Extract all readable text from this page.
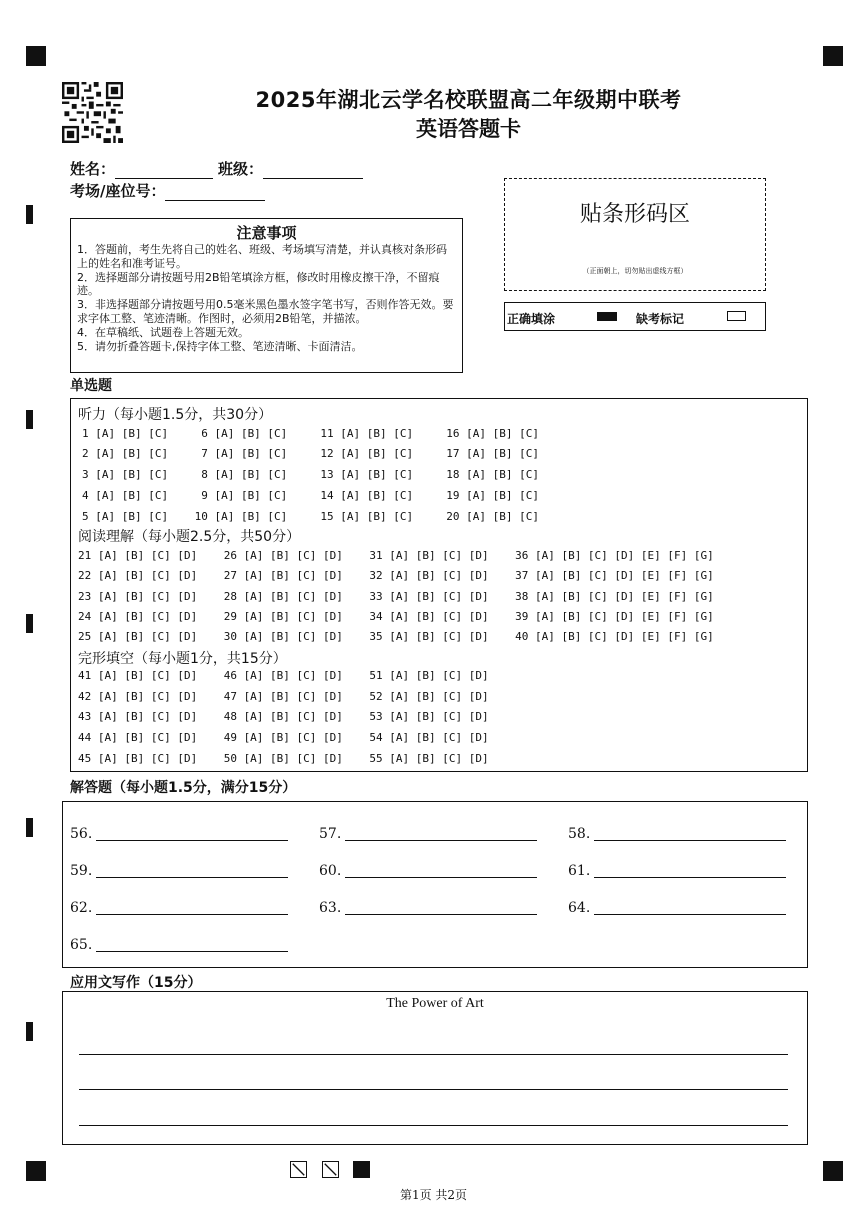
2025年湖北云学名校联盟高二年级期中联考
英语答题卡
姓名：	班级：
考场/座位号：
注意事项
1．答题前，考生先将自己的姓名、班级、考场填写清楚，并认真核对条形码上的姓名和准考证号。
2．选择题部分请按题号用2B铅笔填涂方框，修改时用橡皮擦干净，不留痕迹。
3．非选择题部分请按题号用0.5毫米黑色墨水签字笔书写，否则作答无效。要求字体工整、笔迹清晰。作图时，必须用2B铅笔，并描浓。
4．在草稿纸、试题卷上答题无效。
5．请勿折叠答题卡,保持字体工整、笔迹清晰、卡面清洁。
贴条形码区
（正面朝上，切勿贴出虚线方框）
正确填涂	缺考标记
单选题
听力（每小题1.5分，共30分）
1 [A] [B] [C]     6 [A] [B] [C]     11 [A] [B] [C]     16 [A] [B] [C]
2 [A] [B] [C]     7 [A] [B] [C]     12 [A] [B] [C]     17 [A] [B] [C]
3 [A] [B] [C]     8 [A] [B] [C]     13 [A] [B] [C]     18 [A] [B] [C]
4 [A] [B] [C]     9 [A] [B] [C]     14 [A] [B] [C]     19 [A] [B] [C]
5 [A] [B] [C]    10 [A] [B] [C]     15 [A] [B] [C]     20 [A] [B] [C]
阅读理解（每小题2.5分，共50分）
21 [A] [B] [C] [D]    26 [A] [B] [C] [D]    31 [A] [B] [C] [D]    36 [A] [B] [C] [D] [E] [F] [G]
22 [A] [B] [C] [D]    27 [A] [B] [C] [D]    32 [A] [B] [C] [D]    37 [A] [B] [C] [D] [E] [F] [G]
23 [A] [B] [C] [D]    28 [A] [B] [C] [D]    33 [A] [B] [C] [D]    38 [A] [B] [C] [D] [E] [F] [G]
24 [A] [B] [C] [D]    29 [A] [B] [C] [D]    34 [A] [B] [C] [D]    39 [A] [B] [C] [D] [E] [F] [G]
25 [A] [B] [C] [D]    30 [A] [B] [C] [D]    35 [A] [B] [C] [D]    40 [A] [B] [C] [D] [E] [F] [G]
完形填空（每小题1分，共15分）
41 [A] [B] [C] [D]    46 [A] [B] [C] [D]    51 [A] [B] [C] [D]
42 [A] [B] [C] [D]    47 [A] [B] [C] [D]    52 [A] [B] [C] [D]
43 [A] [B] [C] [D]    48 [A] [B] [C] [D]    53 [A] [B] [C] [D]
44 [A] [B] [C] [D]    49 [A] [B] [C] [D]    54 [A] [B] [C] [D]
45 [A] [B] [C] [D]    50 [A] [B] [C] [D]    55 [A] [B] [C] [D]
解答题（每小题1.5分，满分15分）
56.	57.	58.
59.	60.	61.
62.	63.	64.
65.
应用文写作（15分）
The Power of Art
第1页 共2页
